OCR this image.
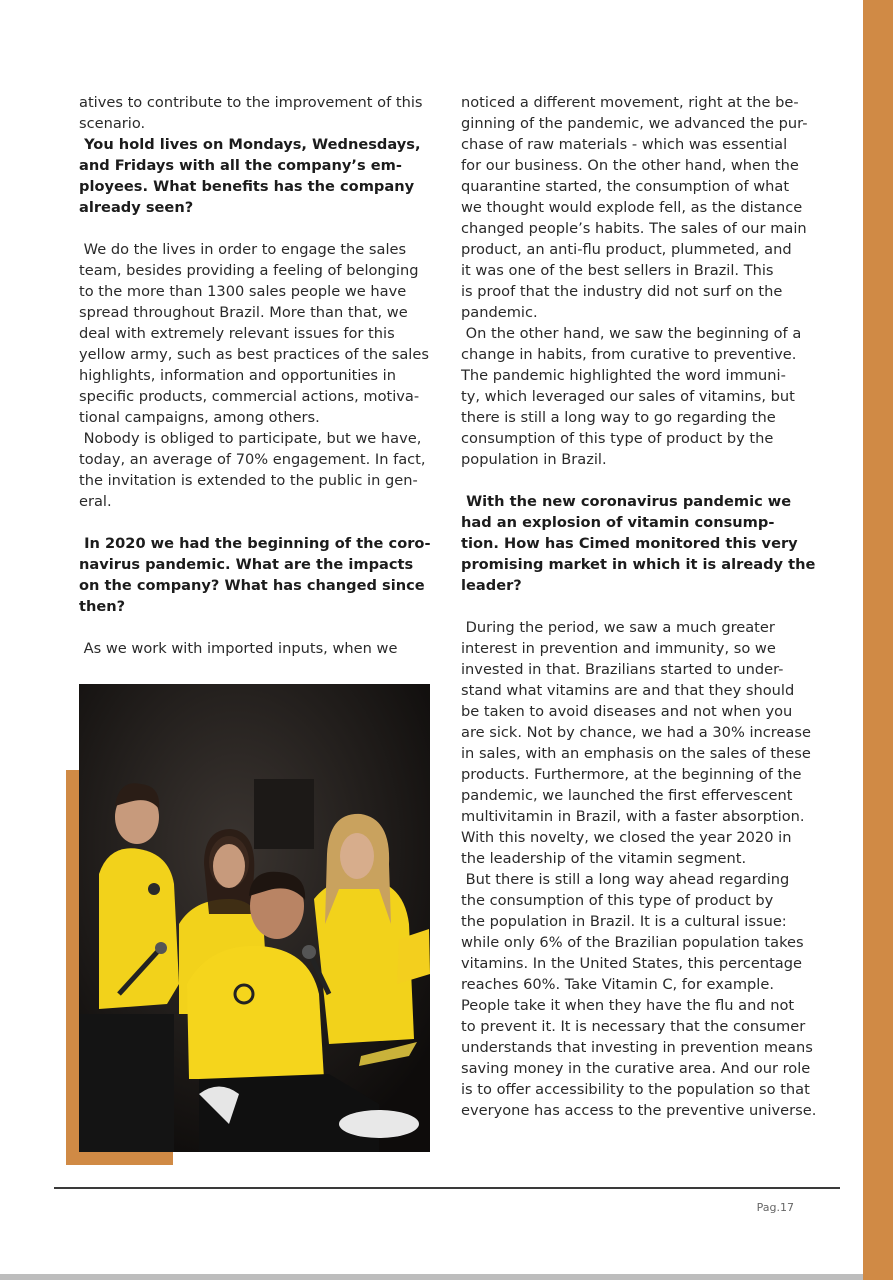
atives to contribute to the improvement of this

scenario.

You hold lives on Mondays, Wednesdays,

and Fridays with all the company’s em-

ployees. What benefits has the company

already seen?

We do the lives in order to engage the sales

team, besides providing a feeling of belonging

to the more than 1300 sales people we have

spread throughout Brazil. More than that, we

deal with extremely relevant issues for this

yellow army, such as best practices of the sales

highlights, information and opportunities in

specific products, commercial actions, motiva-

tional campaigns, among others.

Nobody is obliged to participate, but we have,

today, an average of 70% engagement. In fact,

the invitation is extended to the public in gen-

eral.

In 2020 we had the beginning of the coro-

navirus pandemic. What are the impacts

on the company? What has changed since

then?

As we work with imported inputs, when we

noticed a different movement, right at the be-

ginning of the pandemic, we advanced the pur-

chase of raw materials - which was essential

for our business. On the other hand, when the

quarantine started, the consumption of what

we thought would explode fell, as the distance

changed people’s habits. The sales of our main

product, an anti-flu product, plummeted, and

it was one of the best sellers in Brazil. This

is proof that the industry did not surf on the

pandemic.

On the other hand, we saw the beginning of a

change in habits, from curative to preventive.

The pandemic highlighted the word immuni-

ty, which leveraged our sales of vitamins, but

there is still a long way to go regarding the

consumption of this type of product by the

population in Brazil.

With the new coronavirus pandemic we

had an explosion of vitamin consump-

tion. How has Cimed monitored this very

promising market in which it is already the

leader?

During the period, we saw a much greater

interest in prevention and immunity, so we

invested in that. Brazilians started to under-

stand what vitamins are and that they should

be taken to avoid diseases and not when you

are sick. Not by chance, we had a 30% increase

in sales, with an emphasis on the sales of these

products. Furthermore, at the beginning of the

pandemic, we launched the first effervescent

multivitamin in Brazil, with a faster absorption.

With this novelty, we closed the year 2020 in

the leadership of the vitamin segment.

But there is still a long way ahead regarding

the consumption of this type of product by

the population in Brazil. It is a cultural issue:

while only 6% of the Brazilian population takes

vitamins. In the United States, this percentage

reaches 60%. Take Vitamin C, for example.

People take it when they have the flu and not

to prevent it. It is necessary that the consumer

understands that investing in prevention means

saving money in the curative area. And our role

is to offer accessibility to the population so that

everyone has access to the preventive universe.

Pag.17
